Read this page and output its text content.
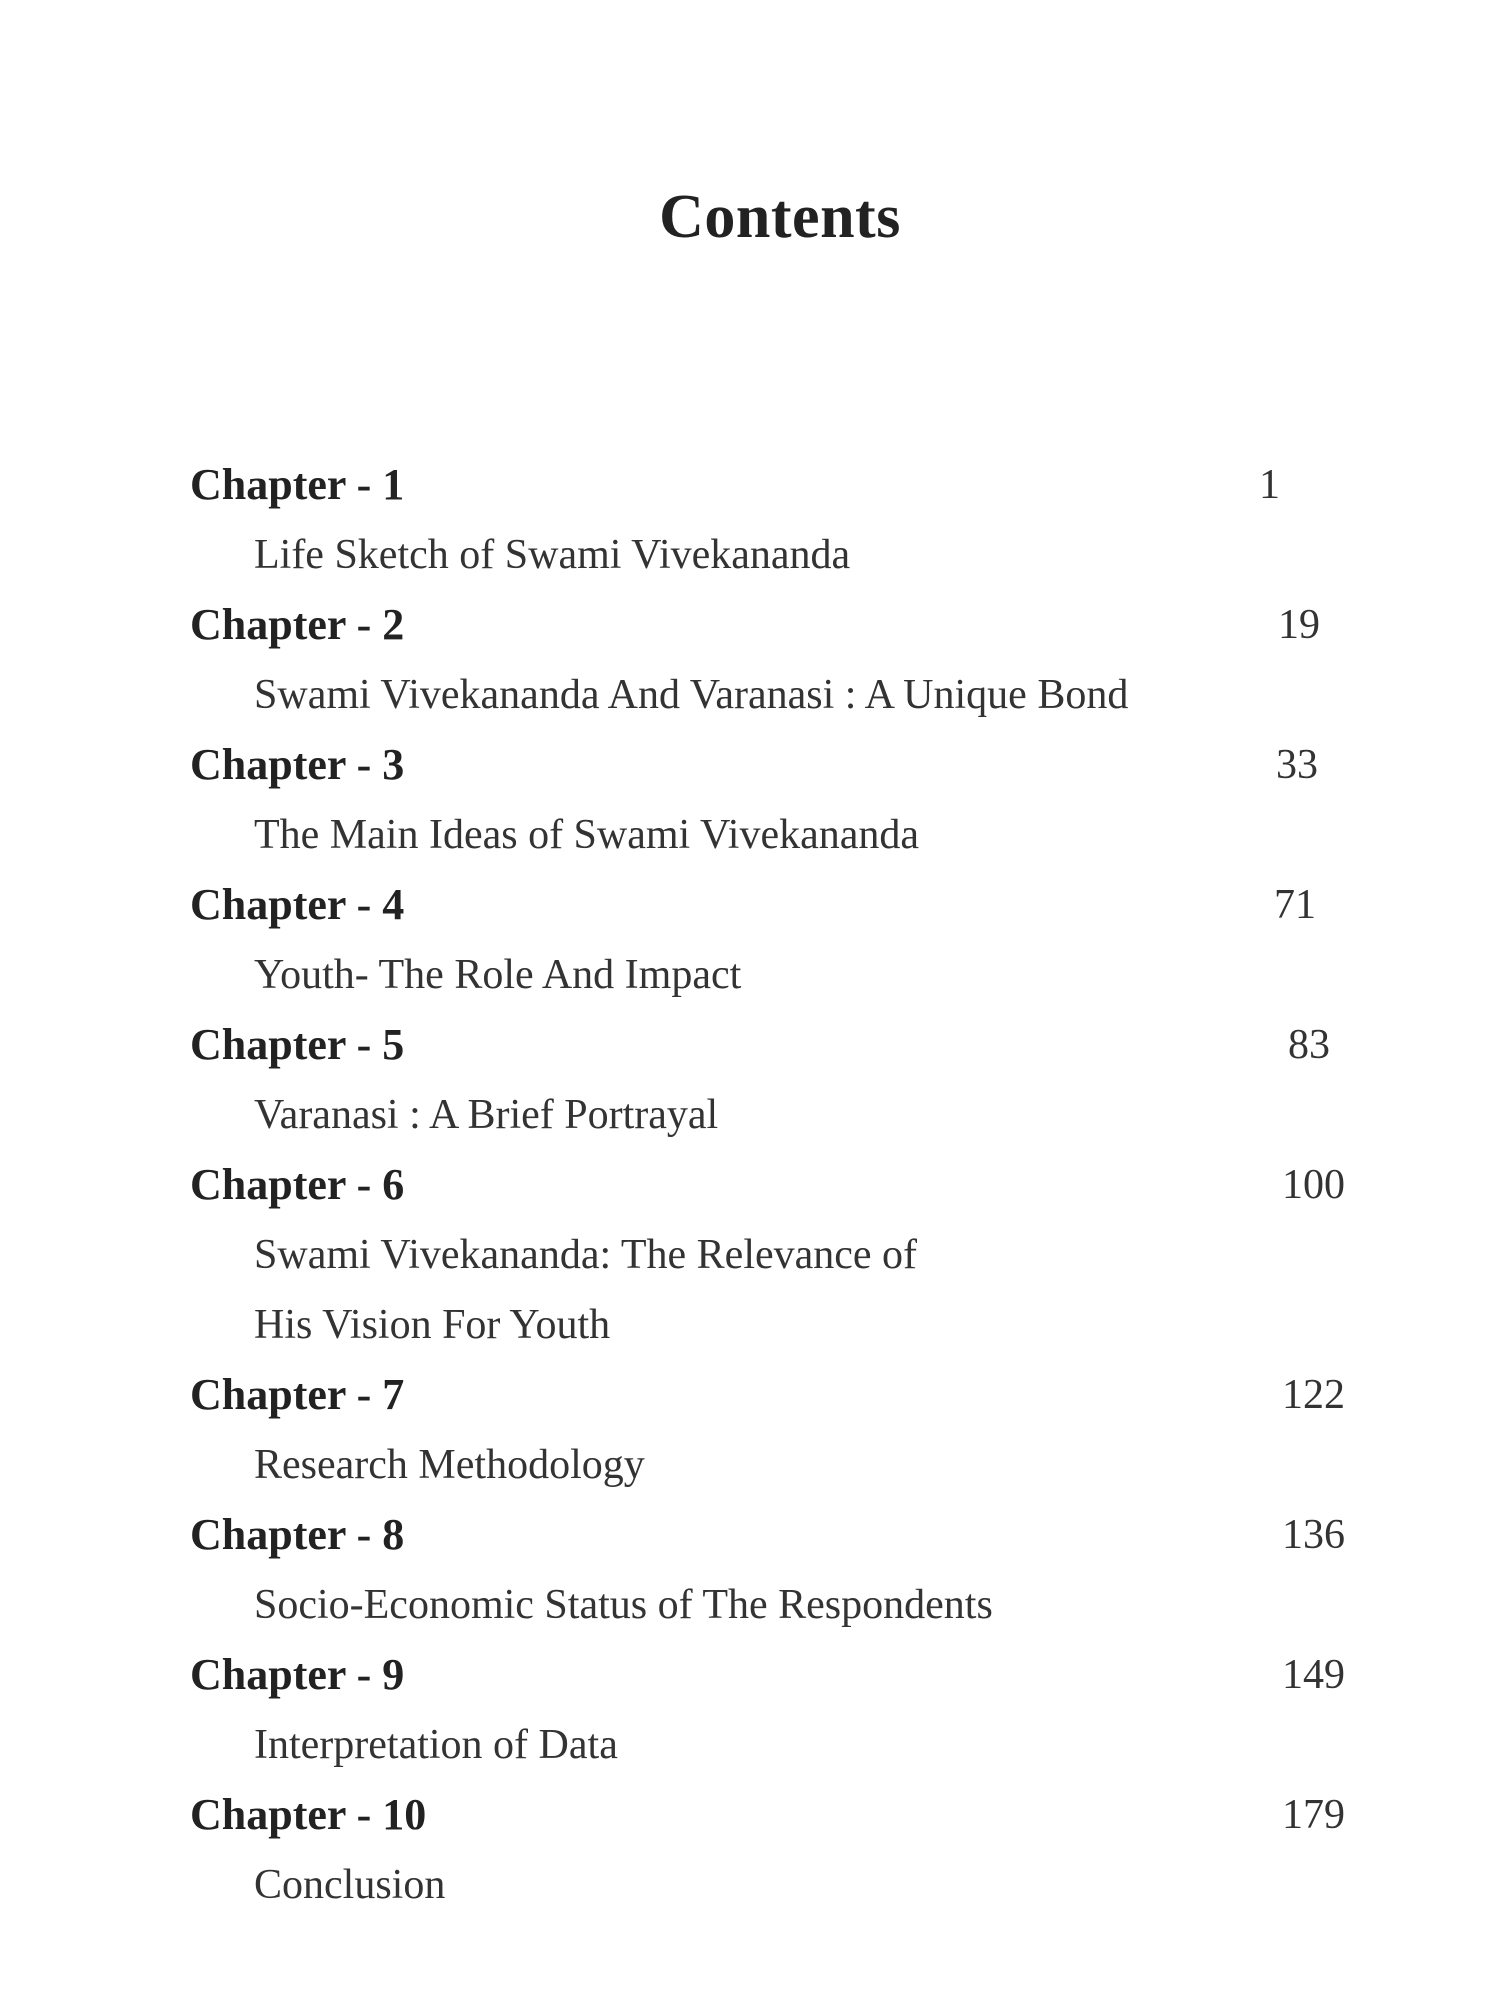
Contents
Chapter - 1	1
Life Sketch of Swami Vivekananda
Chapter - 2	19
Swami Vivekananda And Varanasi : A Unique Bond
Chapter - 3	33
The Main Ideas of Swami Vivekananda
Chapter - 4	71
Youth- The Role And Impact
Chapter - 5	83
Varanasi : A Brief Portrayal
Chapter - 6	100
Swami Vivekananda: The Relevance of
His Vision For Youth
Chapter - 7	122
Research Methodology
Chapter - 8	136
Socio-Economic Status of The Respondents
Chapter - 9	149
Interpretation of Data
Chapter - 10	179
Conclusion
